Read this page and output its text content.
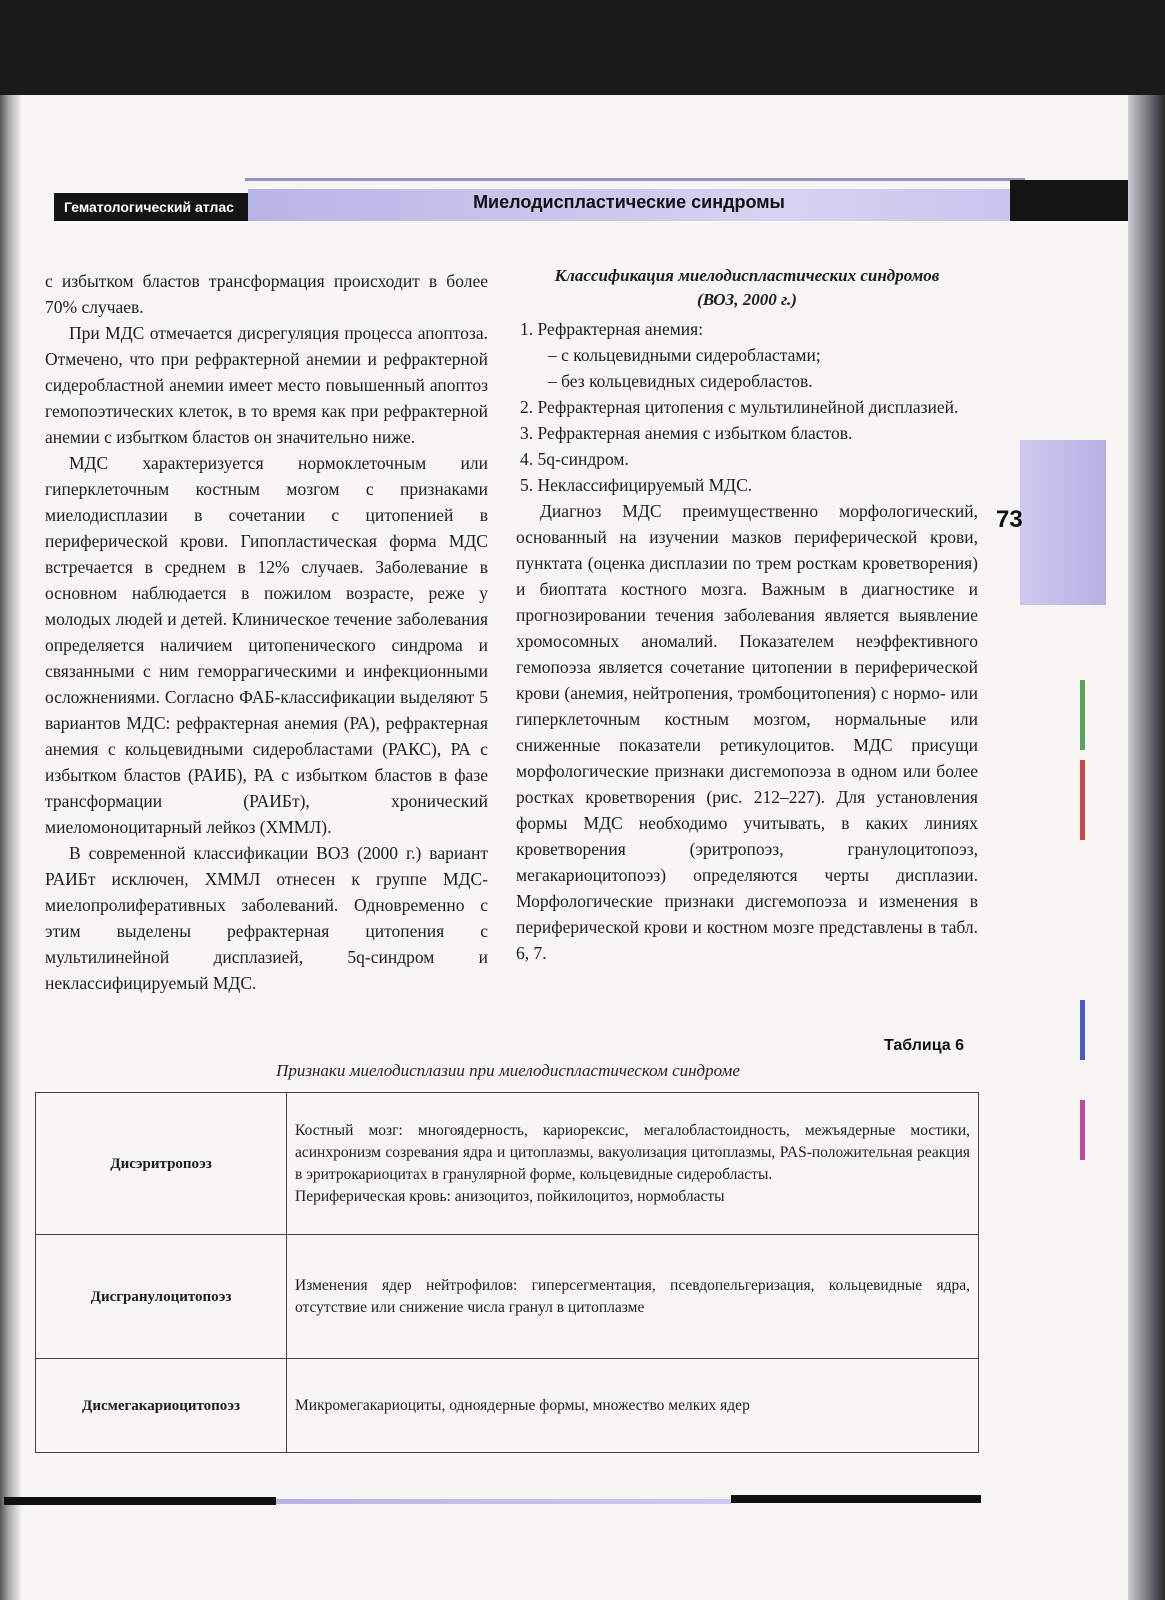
Гематологический атлас	Миелодиспластические синдромы
73

с избытком бластов трансформация происходит в более 70% случаев.

При МДС отмечается дисрегуляция процесса апоптоза. Отмечено, что при рефрактерной анемии и рефрактерной сидеробластной анемии имеет место повышенный апоптоз гемопоэтических клеток, в то время как при рефрактерной анемии с избытком бластов он значительно ниже.

МДС характеризуется нормоклеточным или гиперклеточным костным мозгом с признаками миелодисплазии в сочетании с цитопенией в периферической крови. Гипопластическая форма МДС встречается в среднем в 12% случаев. Заболевание в основном наблюдается в пожилом возрасте, реже у молодых людей и детей. Клиническое течение заболевания определяется наличием цитопенического синдрома и связанными с ним геморрагическими и инфекционными осложнениями. Согласно ФАБ-классификации выделяют 5 вариантов МДС: рефрактерная анемия (РА), рефрактерная анемия с кольцевидными сидеробластами (РАКС), РА с избытком бластов (РАИБ), РА с избытком бластов в фазе трансформации (РАИБт), хронический миеломоноцитарный лейкоз (ХММЛ).

В современной классификации ВОЗ (2000 г.) вариант РАИБт исключен, ХММЛ отнесен к группе МДС-миелопролиферативных заболеваний. Одновременно с этим выделены рефрактерная цитопения с мультилинейной дисплазией, 5q-синдром и неклассифицируемый МДС.

Классификация миелодиспластических синдромов
(ВОЗ, 2000 г.)
1. Рефрактерная анемия:
– с кольцевидными сидеробластами;
– без кольцевидных сидеробластов.
2. Рефрактерная цитопения с мультилинейной дисплазией.
3. Рефрактерная анемия с избытком бластов.
4. 5q-синдром.
5. Неклассифицируемый МДС.

Диагноз МДС преимущественно морфологический, основанный на изучении мазков периферической крови, пунктата (оценка дисплазии по трем росткам кроветворения) и биоптата костного мозга. Важным в диагностике и прогнозировании течения заболевания является выявление хромосомных аномалий. Показателем неэффективного гемопоэза является сочетание цитопении в периферической крови (анемия, нейтропения, тромбоцитопения) с нормо- или гиперклеточным костным мозгом, нормальные или сниженные показатели ретикулоцитов. МДС присущи морфологические признаки дисгемопоэза в одном или более ростках кроветворения (рис. 212–227). Для установления формы МДС необходимо учитывать, в каких линиях кроветворения (эритропоэз, гранулоцитопоэз, мегакариоцитопоэз) определяются черты дисплазии. Морфологические признаки дисгемопоэза и изменения в периферической крови и костном мозге представлены в табл. 6, 7.

Таблица 6
Признаки миелодисплазии при миелодиспластическом синдроме
Дисэритропоэз	Костный мозг: многоядерность, кариорексис, мегалобластоидность, межъядерные мостики, асинхронизм созревания ядра и цитоплазмы, вакуолизация цитоплазмы, PAS-положительная реакция в эритрокариоцитах в гранулярной форме, кольцевидные сидеробласты.
Периферическая кровь: анизоцитоз, пойкилоцитоз, нормобласты

Дисгранулоцитопоэз	Изменения ядер нейтрофилов: гиперсегментация, псевдопельгеризация, кольцевидные ядра, отсутствие или снижение числа гранул в цитоплазме

Дисмегакариоцитопоэз	Микромегакариоциты, одноядерные формы, множество мелких ядер
